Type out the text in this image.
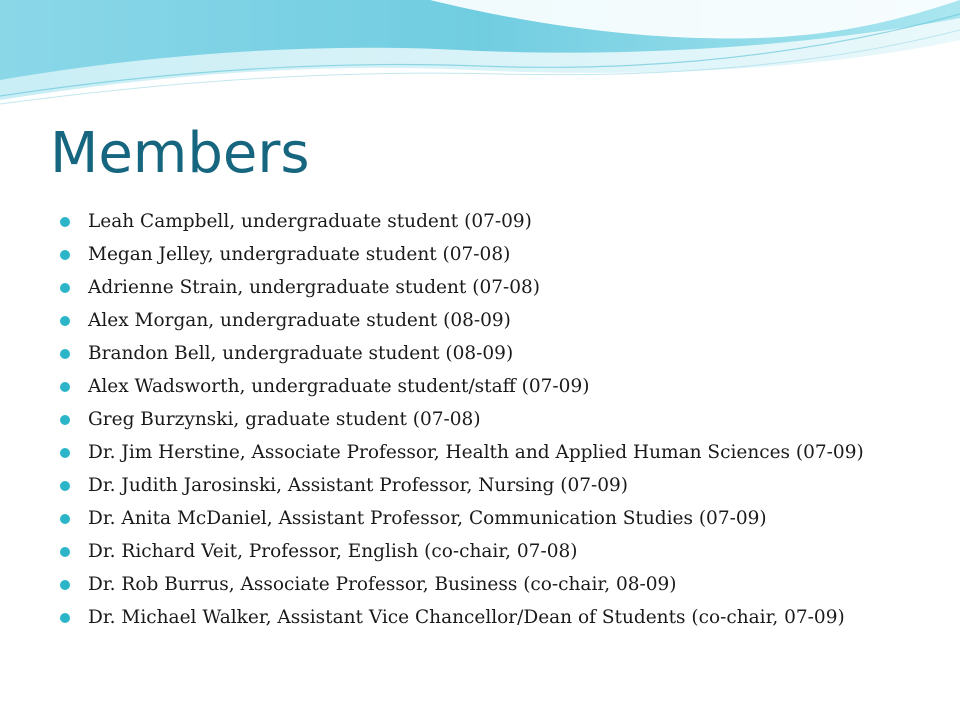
Members
Leah Campbell, undergraduate student (07-09)
Megan Jelley, undergraduate student (07-08)
Adrienne Strain, undergraduate student (07-08)
Alex Morgan, undergraduate student (08-09)
Brandon Bell, undergraduate student (08-09)
Alex Wadsworth, undergraduate student/staff (07-09)
Greg Burzynski, graduate student (07-08)
Dr. Jim Herstine, Associate Professor, Health and Applied Human Sciences (07-09)
Dr. Judith Jarosinski, Assistant Professor, Nursing (07-09)
Dr. Anita McDaniel, Assistant Professor, Communication Studies (07-09)
Dr. Richard Veit, Professor, English (co-chair, 07-08)
Dr. Rob Burrus, Associate Professor, Business (co-chair, 08-09)
Dr. Michael Walker, Assistant Vice Chancellor/Dean of Students (co-chair, 07-09)
